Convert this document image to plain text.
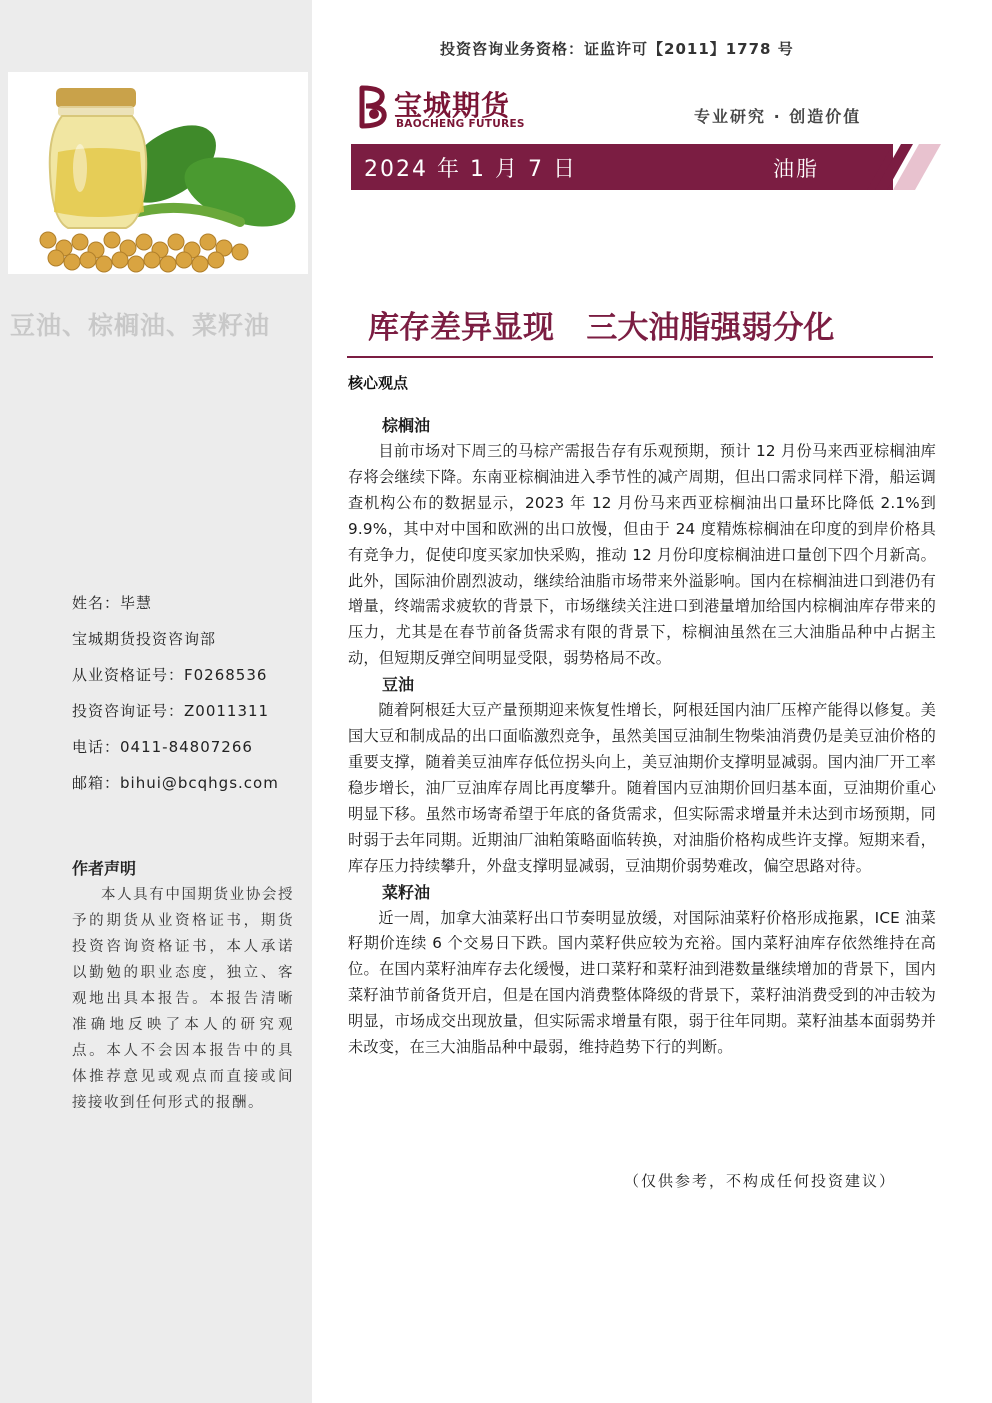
豆油、棕榈油、菜籽油
姓名：毕慧
宝城期货投资咨询部
从业资格证号：F0268536
投资咨询证号：Z0011311
电话：0411-84807266
邮箱：bihui@bcqhgs.com
作者声明
本人具有中国期货业协会授予的期货从业资格证书，期货投资咨询资格证书，本人承诺以勤勉的职业态度，独立、客观地出具本报告。本报告清晰准确地反映了本人的研究观点。本人不会因本报告中的具体推荐意见或观点而直接或间接接收到任何形式的报酬。
投资咨询业务资格：证监许可【2011】1778 号
宝城期货
BAOCHENG FUTURES	专业研究 · 创造价值
2024 年 1 月 7 日	油脂
库存差异显现   三大油脂强弱分化
核心观点
棕榈油
目前市场对下周三的马棕产需报告存有乐观预期，预计 12 月份马来西亚棕榈油库存将会继续下降。东南亚棕榈油进入季节性的减产周期，但出口需求同样下滑，船运调查机构公布的数据显示，2023 年 12 月份马来西亚棕榈油出口量环比降低 2.1%到 9.9%，其中对中国和欧洲的出口放慢，但由于 24 度精炼棕榈油在印度的到岸价格具有竞争力，促使印度买家加快采购，推动 12 月份印度棕榈油进口量创下四个月新高。此外，国际油价剧烈波动，继续给油脂市场带来外溢影响。国内在棕榈油进口到港仍有增量，终端需求疲软的背景下，市场继续关注进口到港量增加给国内棕榈油库存带来的压力，尤其是在春节前备货需求有限的背景下，棕榈油虽然在三大油脂品种中占据主动，但短期反弹空间明显受限，弱势格局不改。
豆油
随着阿根廷大豆产量预期迎来恢复性增长，阿根廷国内油厂压榨产能得以修复。美国大豆和制成品的出口面临激烈竞争，虽然美国豆油制生物柴油消费仍是美豆油价格的重要支撑，随着美豆油库存低位拐头向上，美豆油期价支撑明显减弱。国内油厂开工率稳步增长，油厂豆油库存周比再度攀升。随着国内豆油期价回归基本面，豆油期价重心明显下移。虽然市场寄希望于年底的备货需求，但实际需求增量并未达到市场预期，同时弱于去年同期。近期油厂油粕策略面临转换，对油脂价格构成些许支撑。短期来看，库存压力持续攀升，外盘支撑明显减弱，豆油期价弱势难改，偏空思路对待。
菜籽油
近一周，加拿大油菜籽出口节奏明显放缓，对国际油菜籽价格形成拖累，ICE 油菜籽期价连续 6 个交易日下跌。国内菜籽供应较为充裕。国内菜籽油库存依然维持在高位。在国内菜籽油库存去化缓慢，进口菜籽和菜籽油到港数量继续增加的背景下，国内菜籽油节前备货开启，但是在国内消费整体降级的背景下，菜籽油消费受到的冲击较为明显，市场成交出现放量，但实际需求增量有限，弱于往年同期。菜籽油基本面弱势并未改变，在三大油脂品种中最弱，维持趋势下行的判断。
（仅供参考，不构成任何投资建议）
